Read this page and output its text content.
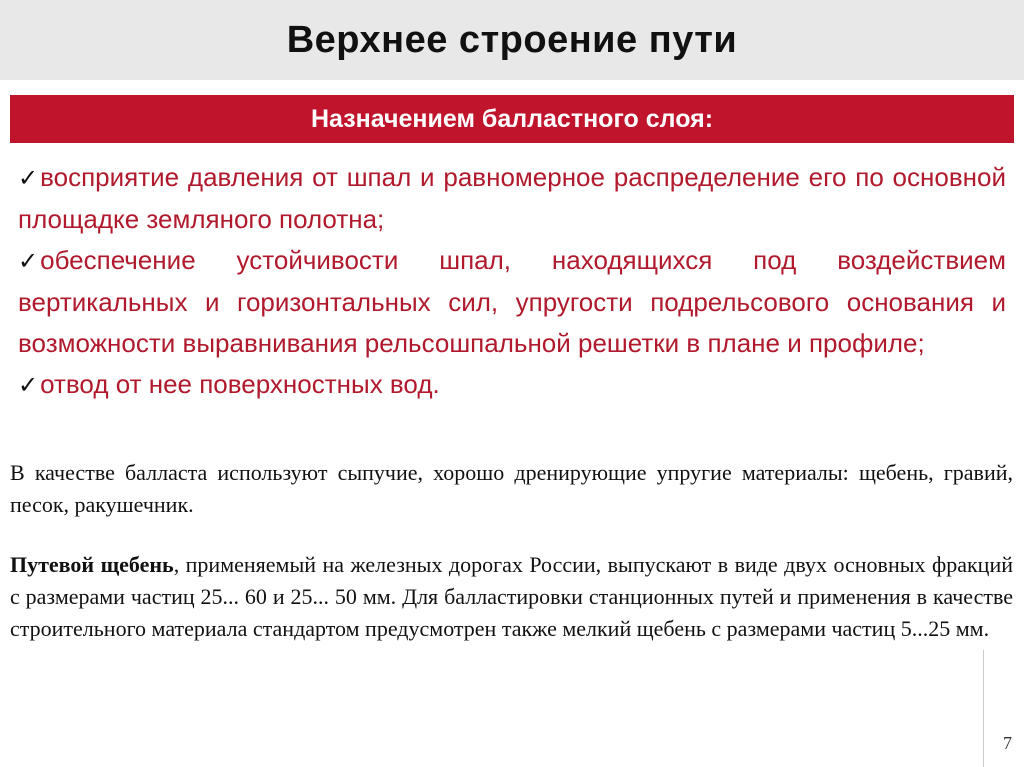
Верхнее строение пути
Назначением балластного слоя:
✓восприятие давления от шпал и равномерное распределение его по основной площадке земляного полотна;
✓обеспечение устойчивости шпал, находящихся под воздействием вертикальных и горизонтальных сил, упругости подрельсового основания и возможности выравнивания рельсошпальной решетки в плане и профиле;
✓отвод от нее поверхностных вод.

В качестве балласта используют сыпучие, хорошо дренирующие упругие материалы: щебень, гравий, песок, ракушечник.

Путевой щебень, применяемый на железных дорогах России, выпускают в виде двух основных фракций с размерами частиц 25... 60 и 25... 50 мм. Для балластировки станционных путей и применения в качестве строительного материала стандартом предусмотрен также мелкий щебень с размерами частиц 5...25 мм.

7
